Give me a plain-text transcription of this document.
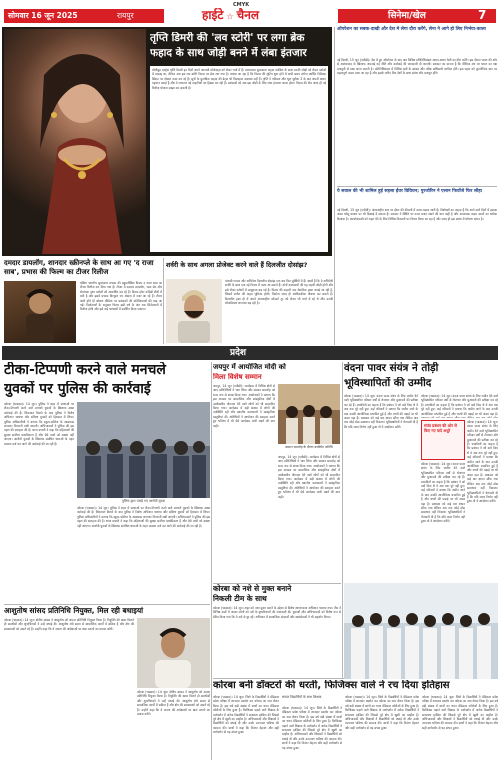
CMYK
सोमवार 16 जून 2025	रायपुर	हाईटे ☆ चैनल	सिनेमा/खेल	7
तृप्ति डिमरी की 'लव स्टोरी' पर लगा ब्रेक
फहाद के साथ जोड़ी बनने में लंबा इंतजार
बॉलीवुड एक्ट्रेस तृप्ति डिमरी इन दिनों अपने आगामी प्रोजेक्ट्स को लेकर चर्चा में हैं। मलयालम सुपरस्टार फहाद फासिल के साथ उनकी जोड़ी को लेकर दर्शकों में उत्साह था, लेकिन अब इस लव स्टोरी फिल्म पर ब्रेक लग गया है। बताया जा रहा है कि फिल्म की शूटिंग शुरू होने में अभी समय लगेगा क्योंकि निर्देशक स्क्रिप्ट पर दोबारा काम कर रहे हैं। सूत्रों के मुताबिक फहाद की डेट्स भी फिलहाल उपलब्ध नहीं हैं। तृप्ति ने एनिमल और भूल भुलैया 3 के बाद अपनी अलग पहचान बनाई है और वे लगातार नई कहानियों का हिस्सा बन रही हैं। प्रशंसकों को अब इस जोड़ी के लिए लंबा इंतजार करना होगा। फिल्म की टीम जल्द ही नई रिलीज योजना साझा कर सकती है।
ऑपरेशन का सबक-दाखी और देश मे लेगा दौरा करेंगे, सेना ने आगे हो लिए निर्भया-काला
नई दिल्ली, 15 जून (एजेंसी)। देश में हुए ऑपरेशन के बाद अब विभिन्न प्रतिनिधिमंडल अलग-अलग देशों का दौरा करेंगे। इस दौरान भारत की ओर से आतंकवाद के खिलाफ अपनाई गई नीति और कार्रवाई की जानकारी दी जाएगी। सरकार का मानना है कि वैश्विक मंच पर भारत का पक्ष मजबूती से रखा जाना जरूरी है। प्रतिनिधिमंडल में विभिन्न दलों के सांसद और वरिष्ठ अधिकारी शामिल होंगे। इस पहल को कूटनीतिक स्तर पर महत्वपूर्ण कदम माना जा रहा है और इसके जरिए मित्र देशों के साथ संबंध और मजबूत होंगे।
ये सवाल की भी शामिल हुई सहसा ईंधर विविधन; पुरजोरिन ने एलान फिर्योजे फिर लौहा
नई दिल्ली, 15 जून (एजेंसी)। अंतरराष्ट्रीय स्तर पर ईंधन की कीमतों में उतार-चढ़ाव जारी है। विशेषज्ञों का कहना है कि आने वाले दिनों में इसका असर घरेलू बाजार पर भी दिखाई दे सकता है। सरकार ने स्थिति पर नजर बनाए रखने की बात कही है और आवश्यक कदम उठाने का भरोसा दिलाया है। उपभोक्ताओं को राहत देने के लिए विभिन्न विकल्पों पर विचार किया जा रहा है और जल्द ही इस संबंध में घोषणा संभव है।
दमदार डायलॉग, शानदार स्क्रीनप्ले के साथ आ गए 'द राजा साब', प्रभास की फिल्म का टीजर रिलीज
दक्षिण भारतीय सुपरस्टार प्रभास की बहुप्रतीक्षित फिल्म द राजा साब का टीजर रिलीज कर दिया गया है। टीजर में दमदार डायलॉग, भव्य सेट और रोमांचक दृश्य दर्शकों को आकर्षित कर रहे हैं। फिल्म हॉरर कॉमेडी शैली में बनी है और इसमें प्रभास बिल्कुल नए अंदाज में नजर आ रहे हैं। टीजर जारी होते ही सोशल मीडिया पर प्रशंसकों की प्रतिक्रियाओं की बाढ़ आ गई। निर्माताओं के अनुसार फिल्म इसी वर्ष के अंत तक सिनेमाघरों में रिलीज होगी और इसे कई भाषाओं में प्रदर्शित किया जाएगा।
शर्वरी के साथ अगला प्रोजेक्ट करने वाले हैं दिलजीत दोसांझ?
पंजाबी गायक और अभिनेता दिलजीत दोसांझ एक बार फिर सुर्खियों में हैं। खबरें हैं कि वे अभिनेत्री शर्वरी के साथ एक नई फिल्म में नजर आ सकते हैं। दोनों कलाकारों की यह पहली जोड़ी होगी और इसे लेकर दर्शकों में उत्सुकता बढ़ गई है। फिल्म की कहानी एक रोमांटिक ड्रामा बताई जा रही है, जिसमें संगीत की अहम भूमिका होगी। निर्माता जल्द ही आधिकारिक घोषणा कर सकते हैं। दिलजीत हाल ही में अपने अंतरराष्ट्रीय कॉन्सर्ट टूर को लेकर भी चर्चा में रहे थे और उनकी लोकप्रियता लगातार बढ़ रही है।
प्रदेश
टीका-टिप्पणी करने वाले मनचले
युवकों पर पुलिस की कार्रवाई
कोरबा (भास्कर)। 14 जून। पुलिस ने शहर में छात्राओं पर टीका-टिप्पणी करने वाले मनचले युवकों के खिलाफ सख्त कार्रवाई की है। शिकायत मिलने के बाद पुलिस ने विशेष अभियान चलाया और संदिग्ध युवकों को हिरासत में लिया। पुलिस अधिकारियों ने बताया कि स्कूल-कॉलेज के आसपास लगातार निगरानी रखी जाएगी। अभिभावकों ने पुलिस की इस पहल की सराहना की है। थाना प्रभारी ने कहा कि महिलाओं की सुरक्षा सर्वोच्च प्राथमिकता है और ऐसे तत्वों को बख्शा नहीं जाएगा। आरोपी युवकों के खिलाफ संबंधित धाराओं के तहत मामला दर्ज कर आगे की कार्रवाई की जा रही है।
पुलिस द्वारा पकड़े गए आरोपी युवक
कोरबा (भास्कर)। 14 जून। पुलिस ने शहर में छात्राओं पर टीका-टिप्पणी करने वाले मनचले युवकों के खिलाफ सख्त कार्रवाई की है। शिकायत मिलने के बाद पुलिस ने विशेष अभियान चलाया और संदिग्ध युवकों को हिरासत में लिया। पुलिस अधिकारियों ने बताया कि स्कूल-कॉलेज के आसपास लगातार निगरानी रखी जाएगी। अभिभावकों ने पुलिस की इस पहल की सराहना की है। थाना प्रभारी ने कहा कि महिलाओं की सुरक्षा सर्वोच्च प्राथमिकता है और ऐसे तत्वों को बख्शा नहीं जाएगा। आरोपी युवकों के खिलाफ संबंधित धाराओं के तहत मामला दर्ज कर आगे की कार्रवाई की जा रही है।
जयपुर में आयोजित मोदी को
मिला विशेष सम्मान
जयपुर, 14 जून (एजेंसी)। कार्यक्रम में विभिन्न क्षेत्रों से आए प्रतिनिधियों ने भाग लिया और सम्मान समारोह को भव्य रूप से संपन्न किया गया। आयोजकों ने बताया कि इस अवसर पर सामाजिक और सांस्कृतिक क्षेत्रों में उल्लेखनीय योगदान देने वाले लोगों को भी सम्मानित किया गया। कार्यक्रम में बड़ी संख्या में लोगों की उपस्थिति रही और स्थानीय कलाकारों ने सांस्कृतिक प्रस्तुतियां दीं। अतिथियों ने आयोजन की सराहना करते हुए भविष्य में भी ऐसे कार्यक्रम जारी रखने की बात कही।
सम्मान समारोह के दौरान उपस्थित अतिथि
जयपुर, 14 जून (एजेंसी)। कार्यक्रम में विभिन्न क्षेत्रों से आए प्रतिनिधियों ने भाग लिया और सम्मान समारोह को भव्य रूप से संपन्न किया गया। आयोजकों ने बताया कि इस अवसर पर सामाजिक और सांस्कृतिक क्षेत्रों में उल्लेखनीय योगदान देने वाले लोगों को भी सम्मानित किया गया। कार्यक्रम में बड़ी संख्या में लोगों की उपस्थिति रही और स्थानीय कलाकारों ने सांस्कृतिक प्रस्तुतियां दीं। अतिथियों ने आयोजन की सराहना करते हुए भविष्य में भी ऐसे कार्यक्रम जारी रखने की बात कही।
वंदना पावर संयंत्र ने तोड़ी
भूविस्थापितों की उम्मीद
कोरबा (भास्कर)। 14 जून। वंदना पावर संयंत्र के लिए जमीन देने वाले भूविस्थापित परिवार वर्षों से रोजगार और मुआवजे की प्रतीक्षा कर रहे हैं। प्रभावितों का कहना है कि प्रबंधन ने जो वादे किए थे वे अब तक पूरे नहीं हुए। कई परिवारों ने बताया कि जमीन जाने के बाद उनकी आजीविका प्रभावित हुई है और बच्चों की पढ़ाई पर भी असर पड़ा है। प्रशासन को कई बार ज्ञापन सौंपा गया लेकिन अब तक कोई ठोस समाधान नहीं निकला। भूविस्थापितों ने चेतावनी दी है कि यदि जल्द निर्णय नहीं हुआ तो वे आंदोलन करेंगे।	संयंत्र प्रबंधन की ओर से किए गए वादे अधूरे
कोरबा (भास्कर)। 14 जून। वंदना पावर संयंत्र के लिए जमीन देने वाले भूविस्थापित परिवार वर्षों से रोजगार और मुआवजे की प्रतीक्षा कर रहे हैं। प्रभावितों का कहना है कि प्रबंधन ने जो वादे किए थे वे अब तक पूरे नहीं हुए। कई परिवारों ने बताया कि जमीन जाने के बाद उनकी आजीविका प्रभावित हुई है और बच्चों की पढ़ाई पर भी असर पड़ा है।
कोरबा (भास्कर)। 14 जून। वंदना पावर संयंत्र के लिए जमीन देने वाले भूविस्थापित परिवार वर्षों से रोजगार और मुआवजे की प्रतीक्षा कर रहे हैं। प्रभावितों का कहना है कि प्रबंधन ने जो वादे किए थे वे अब तक पूरे नहीं हुए। कई परिवारों ने बताया कि जमीन जाने के बाद उनकी आजीविका प्रभावित हुई है और बच्चों की पढ़ाई पर भी असर पड़ा है। प्रशासन को कई बार ज्ञापन सौंपा गया लेकिन अब तक कोई ठोस समाधान नहीं निकला। भूविस्थापितों ने चेतावनी दी है कि यदि जल्द निर्णय नहीं हुआ तो वे आंदोलन करेंगे।
कोरबा (भास्कर)। 14 जून। वंदना पावर संयंत्र के लिए जमीन देने वाले भूविस्थापित परिवार वर्षों से रोजगार और मुआवजे की प्रतीक्षा कर रहे हैं। प्रभावितों का कहना है कि प्रबंधन ने जो वादे किए थे वे अब तक पूरे नहीं हुए। कई परिवारों ने बताया कि जमीन जाने के बाद उनकी आजीविका प्रभावित हुई है और बच्चों की पढ़ाई पर भी असर पड़ा है। प्रशासन को कई बार ज्ञापन सौंपा गया लेकिन अब तक कोई ठोस समाधान नहीं निकला। भूविस्थापितों ने चेतावनी दी है कि यदि जल्द निर्णय नहीं हुआ तो वे आंदोलन करेंगे।
आशुतोष सांसद प्रतिनिधि नियुक्त, मिल रही बधाइयां
कोरबा (भास्कर)। 14 जून। क्षेत्रीय सांसद ने आशुतोष को अपना प्रतिनिधि नियुक्त किया है। नियुक्ति की खबर मिलते ही समर्थकों और शुभचिंतकों ने उन्हें बधाई दी। आशुतोष लंबे समय से सामाजिक कार्यों में सक्रिय हैं और क्षेत्र की समस्याओं को उठाते रहे हैं। उन्होंने कहा कि वे जनता की अपेक्षाओं पर खरा उतरने का प्रयास करेंगे।
कोरबा (भास्कर)। 14 जून। क्षेत्रीय सांसद ने आशुतोष को अपना प्रतिनिधि नियुक्त किया है। नियुक्ति की खबर मिलते ही समर्थकों और शुभचिंतकों ने उन्हें बधाई दी। आशुतोष लंबे समय से सामाजिक कार्यों में सक्रिय हैं और क्षेत्र की समस्याओं को उठाते रहे हैं। उन्होंने कहा कि वे जनता की अपेक्षाओं पर खरा उतरने का प्रयास करेंगे।
कोरबा को नशे से मुक्त बनाने
निकली टीम के साथ
कोरबा (भास्कर)। 14 जून। शहर को नशा मुक्त बनाने के उद्देश्य से विशेष जागरूकता अभियान चलाया गया। टीम ने विभिन्न वार्डों में जाकर लोगों को नशे के दुष्परिणामों की जानकारी दी। युवाओं और अभिभावकों को विशेष रूप से प्रेरित किया गया कि वे नशे से दूर रहें। अभियान में सामाजिक संगठनों और स्वयंसेवकों ने भी सहयोग किया।
कोरबा बनी डॉक्टरों की धरती, फिजिक्स वाले ने रच दिया इतिहास
कोरबा (भास्कर)। 14 जून। जिले के विद्यार्थियों ने मेडिकल प्रवेश परीक्षा में शानदार प्रदर्शन कर कोरबा का नाम रोशन किया है। इस वर्ष बड़ी संख्या में छात्रों का चयन मेडिकल कॉलेजों के लिए हुआ है। फिजिक्स पढ़ाने वाले शिक्षक के मार्गदर्शन में अनेक विद्यार्थियों ने सफलता हासिल की जिससे पूरे क्षेत्र में खुशी का माहौल है। अभिभावकों और शिक्षकों ने विद्यार्थियों को बधाई दी और उनके उज्ज्वल भविष्य की कामना की। छात्रों ने कहा कि निरंतर मेहनत और सही मार्गदर्शन से यह संभव हुआ।
सफल विद्यार्थियों के साथ शिक्षक
कोरबा (भास्कर)। 14 जून। जिले के विद्यार्थियों ने मेडिकल प्रवेश परीक्षा में शानदार प्रदर्शन कर कोरबा का नाम रोशन किया है। इस वर्ष बड़ी संख्या में छात्रों का चयन मेडिकल कॉलेजों के लिए हुआ है। फिजिक्स पढ़ाने वाले शिक्षक के मार्गदर्शन में अनेक विद्यार्थियों ने सफलता हासिल की जिससे पूरे क्षेत्र में खुशी का माहौल है। अभिभावकों और शिक्षकों ने विद्यार्थियों को बधाई दी और उनके उज्ज्वल भविष्य की कामना की। छात्रों ने कहा कि निरंतर मेहनत और सही मार्गदर्शन से यह संभव हुआ।
कोरबा (भास्कर)। 14 जून। जिले के विद्यार्थियों ने मेडिकल प्रवेश परीक्षा में शानदार प्रदर्शन कर कोरबा का नाम रोशन किया है। इस वर्ष बड़ी संख्या में छात्रों का चयन मेडिकल कॉलेजों के लिए हुआ है। फिजिक्स पढ़ाने वाले शिक्षक के मार्गदर्शन में अनेक विद्यार्थियों ने सफलता हासिल की जिससे पूरे क्षेत्र में खुशी का माहौल है। अभिभावकों और शिक्षकों ने विद्यार्थियों को बधाई दी और उनके उज्ज्वल भविष्य की कामना की। छात्रों ने कहा कि निरंतर मेहनत और सही मार्गदर्शन से यह संभव हुआ।
कोरबा (भास्कर)। 14 जून। जिले के विद्यार्थियों ने मेडिकल प्रवेश परीक्षा में शानदार प्रदर्शन कर कोरबा का नाम रोशन किया है। इस वर्ष बड़ी संख्या में छात्रों का चयन मेडिकल कॉलेजों के लिए हुआ है। फिजिक्स पढ़ाने वाले शिक्षक के मार्गदर्शन में अनेक विद्यार्थियों ने सफलता हासिल की जिससे पूरे क्षेत्र में खुशी का माहौल है। अभिभावकों और शिक्षकों ने विद्यार्थियों को बधाई दी और उनके उज्ज्वल भविष्य की कामना की। छात्रों ने कहा कि निरंतर मेहनत और सही मार्गदर्शन से यह संभव हुआ।
